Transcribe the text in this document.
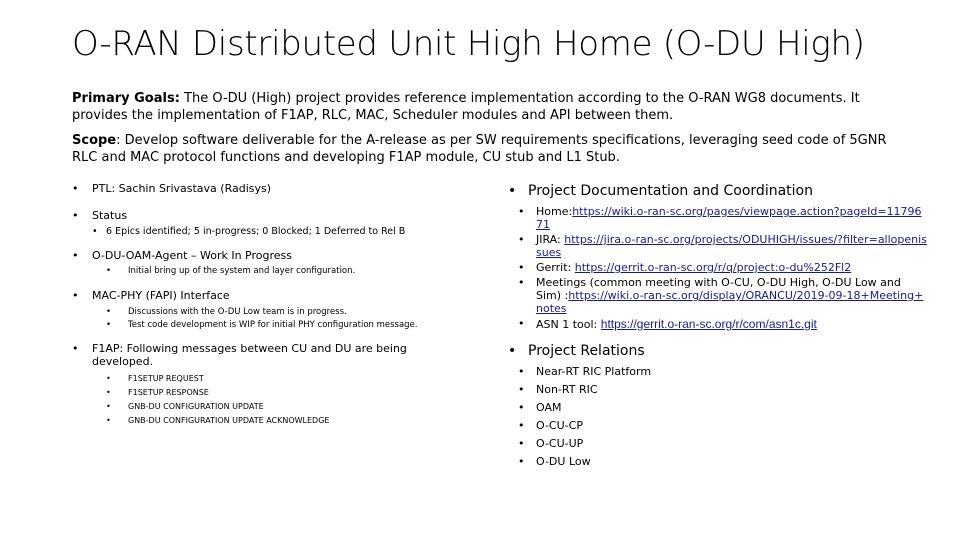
O-RAN Distributed Unit High Home (O-DU High)
Primary Goals: The O-DU (High) project provides reference implementation according to the O-RAN WG8 documents. It provides the implementation of F1AP, RLC, MAC, Scheduler modules and API between them.
Scope: Develop software deliverable for the A-release as per SW requirements specifications, leveraging seed code of 5GNR RLC and MAC protocol functions and developing F1AP module, CU stub and L1 Stub.
• PTL: Sachin Srivastava (Radisys)
• Status
• 6 Epics identified; 5 in-progress; 0 Blocked; 1 Deferred to Rel B
• O-DU-OAM-Agent – Work In Progress
• Initial bring up of the system and layer configuration.
• MAC-PHY (FAPI) Interface
• Discussions with the O-DU Low team is in progress.
• Test code development is WIP for initial PHY configuration message.
• F1AP: Following messages between CU and DU are being developed.
• F1SETUP REQUEST
• F1SETUP RESPONSE
• GNB-DU CONFIGURATION UPDATE
• GNB-DU CONFIGURATION UPDATE ACKNOWLEDGE
• Project Documentation and Coordination
• Home:https://wiki.o-ran-sc.org/pages/viewpage.action?pageId=1179671
• JIRA: https://jira.o-ran-sc.org/projects/ODUHIGH/issues/?filter=allopenissues
• Gerrit: https://gerrit.o-ran-sc.org/r/q/project:o-du%252Fl2
• Meetings (common meeting with O-CU, O-DU High, O-DU Low and Sim) :https://wiki.o-ran-sc.org/display/ORANCU/2019-09-18+Meeting+notes
• ASN 1 tool: https://gerrit.o-ran-sc.org/r/com/asn1c.git
• Project Relations
• Near-RT RIC Platform
• Non-RT RIC
• OAM
• O-CU-CP
• O-CU-UP
• O-DU Low
